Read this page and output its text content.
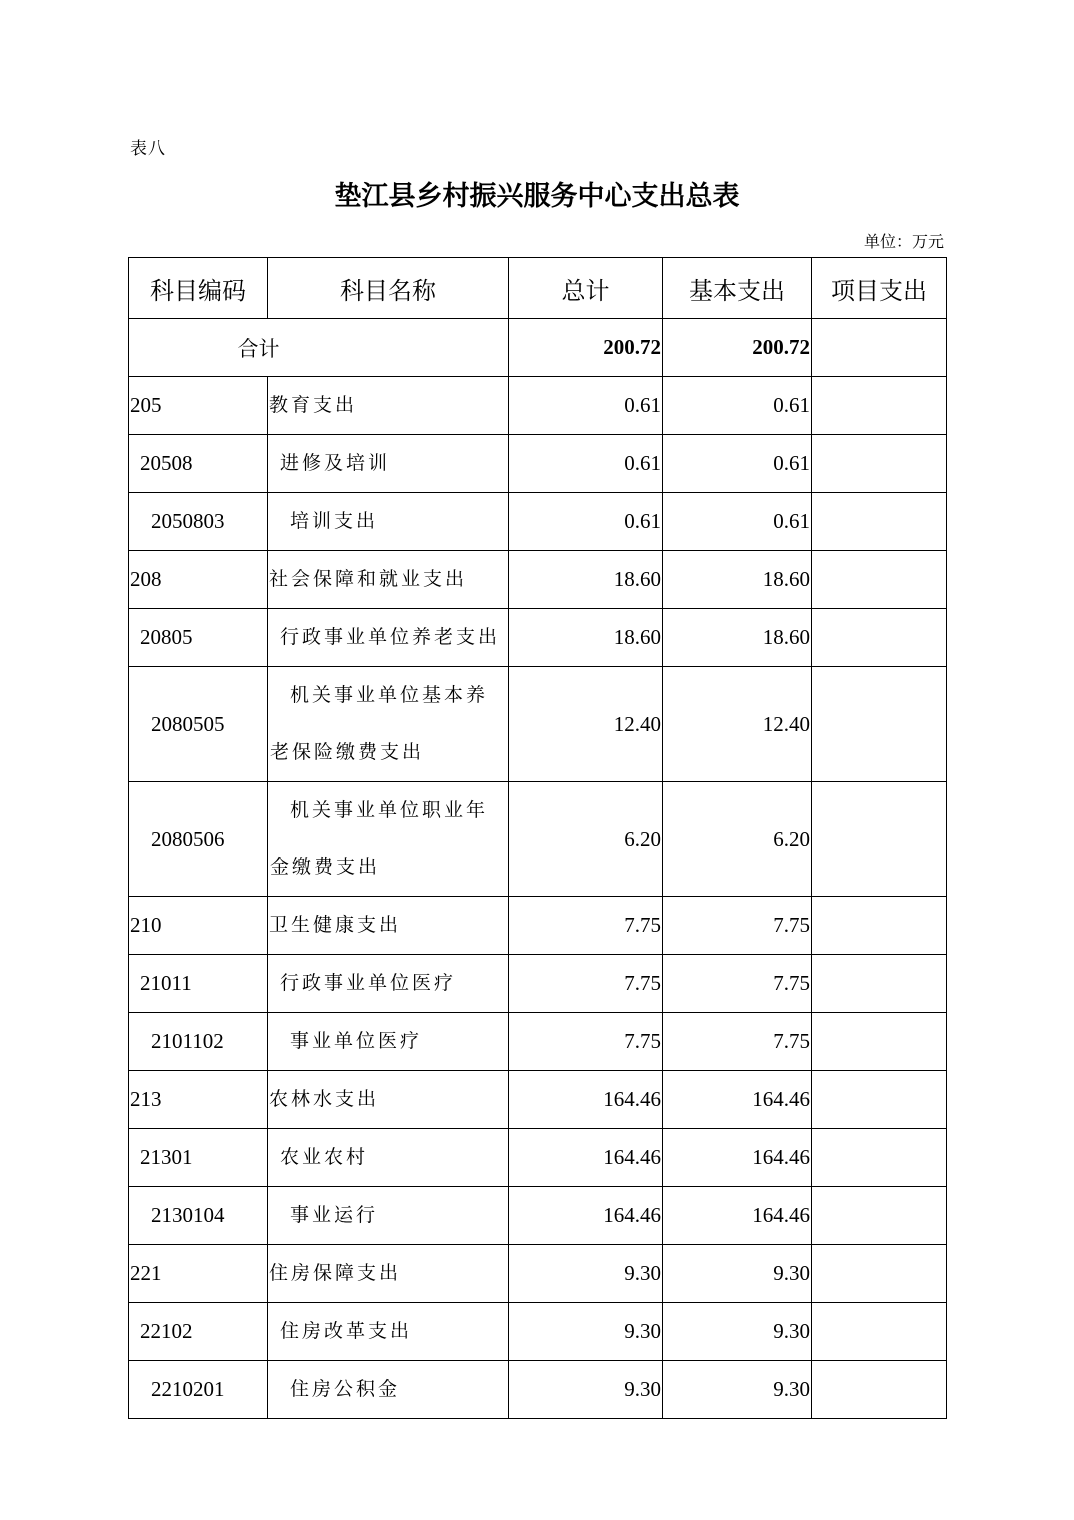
表八
垫江县乡村振兴服务中心支出总表
单位：万元
科目编码	科目名称	总计	基本支出	项目支出
合计		200.72	200.72	
205	教育支出	0.61	0.61	
20508	进修及培训	0.61	0.61	
2050803	培训支出	0.61	0.61	
208	社会保障和就业支出	18.60	18.60	
20805	行政事业单位养老支出	18.60	18.60	
2080505	机关事业单位基本养老保险缴费支出	12.40	12.40	
2080506	机关事业单位职业年金缴费支出	6.20	6.20	
210	卫生健康支出	7.75	7.75	
21011	行政事业单位医疗	7.75	7.75	
2101102	事业单位医疗	7.75	7.75	
213	农林水支出	164.46	164.46	
21301	农业农村	164.46	164.46	
2130104	事业运行	164.46	164.46	
221	住房保障支出	9.30	9.30	
22102	住房改革支出	9.30	9.30	
2210201	住房公积金	9.30	9.30	
